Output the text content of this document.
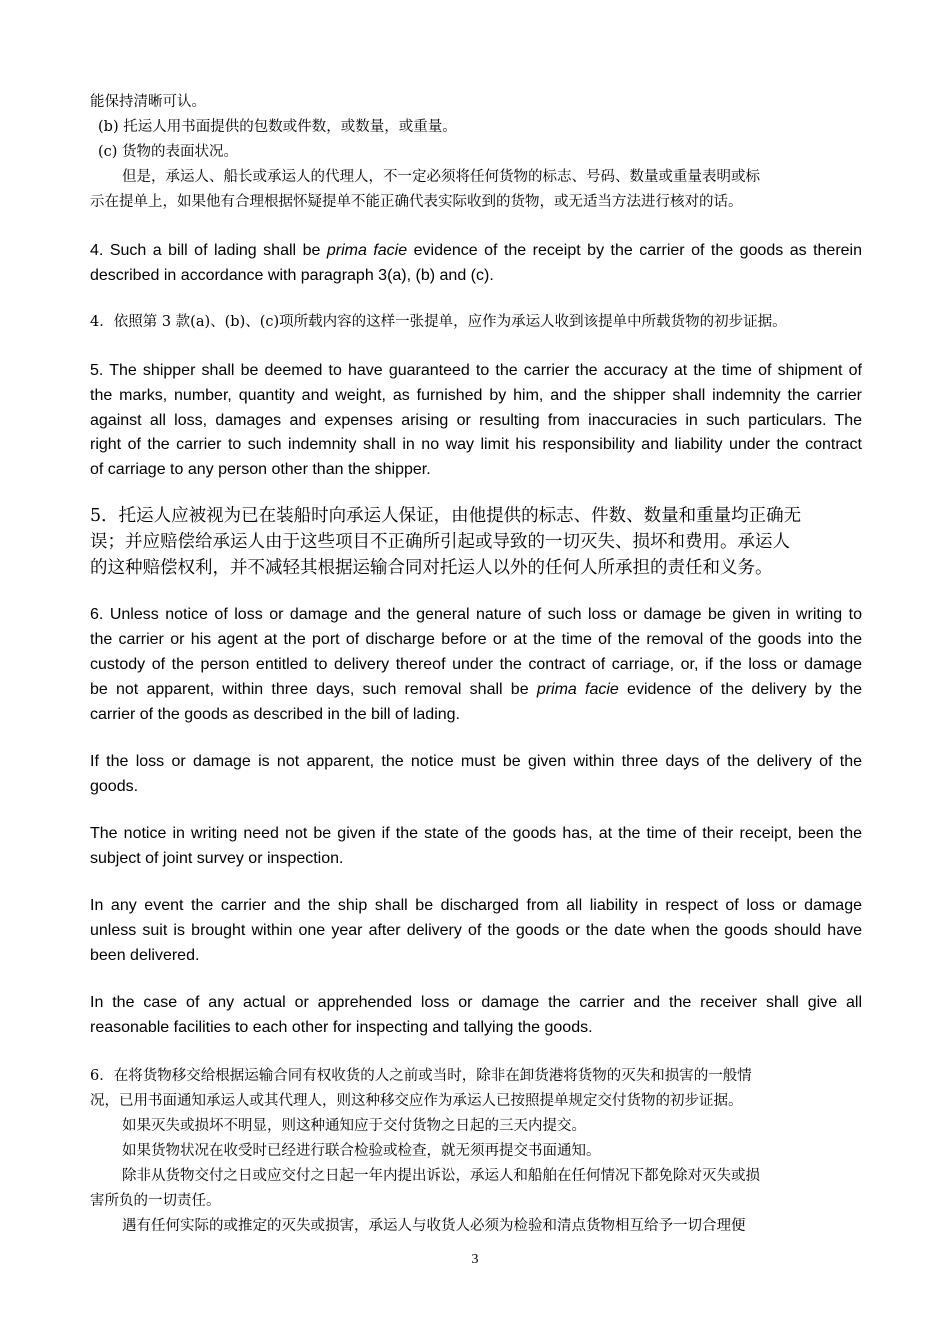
能保持清晰可认。
(b) 托运人用书面提供的包数或件数，或数量，或重量。
(c) 货物的表面状况。
但是，承运人、船长或承运人的代理人，不一定必须将任何货物的标志、号码、数量或重量表明或标
示在提单上，如果他有合理根据怀疑提单不能正确代表实际收到的货物，或无适当方法进行核对的话。
4. Such a bill of lading shall be prima facie evidence of the receipt by the carrier of the goods as therein
described in accordance with paragraph 3(a), (b) and (c).
4．依照第 3 款(a)、(b)、(c)项所载内容的这样一张提单，应作为承运人收到该提单中所载货物的初步证据。
5. The shipper shall be deemed to have guaranteed to the carrier the accuracy at the time of shipment of
the marks, number, quantity and weight, as furnished by him, and the shipper shall indemnity the carrier
against all loss, damages and expenses arising or resulting from inaccuracies in such particulars. The
right of the carrier to such indemnity shall in no way limit his responsibility and liability under the contract
of carriage to any person other than the shipper.
5．托运人应被视为已在装船时向承运人保证，由他提供的标志、件数、数量和重量均正确无
误；并应赔偿给承运人由于这些项目不正确所引起或导致的一切灭失、损坏和费用。承运人
的这种赔偿权利，并不减轻其根据运输合同对托运人以外的任何人所承担的责任和义务。
6. Unless notice of loss or damage and the general nature of such loss or damage be given in writing to
the carrier or his agent at the port of discharge before or at the time of the removal of the goods into the
custody of the person entitled to delivery thereof under the contract of carriage, or, if the loss or damage
be not apparent, within three days, such removal shall be prima facie evidence of the delivery by the
carrier of the goods as described in the bill of lading.
If the loss or damage is not apparent, the notice must be given within three days of the delivery of the
goods.
The notice in writing need not be given if the state of the goods has, at the time of their receipt, been the
subject of joint survey or inspection.
In any event the carrier and the ship shall be discharged from all liability in respect of loss or damage
unless suit is brought within one year after delivery of the goods or the date when the goods should have
been delivered.
In the case of any actual or apprehended loss or damage the carrier and the receiver shall give all
reasonable facilities to each other for inspecting and tallying the goods.
6．在将货物移交给根据运输合同有权收货的人之前或当时，除非在卸货港将货物的灭失和损害的一般情
况，已用书面通知承运人或其代理人，则这种移交应作为承运人已按照提单规定交付货物的初步证据。
如果灭失或损坏不明显，则这种通知应于交付货物之日起的三天内提交。
如果货物状况在收受时已经进行联合检验或检查，就无须再提交书面通知。
除非从货物交付之日或应交付之日起一年内提出诉讼，承运人和船舶在任何情况下都免除对灭失或损
害所负的一切责任。
遇有任何实际的或推定的灭失或损害，承运人与收货人必须为检验和清点货物相互给予一切合理便
3
